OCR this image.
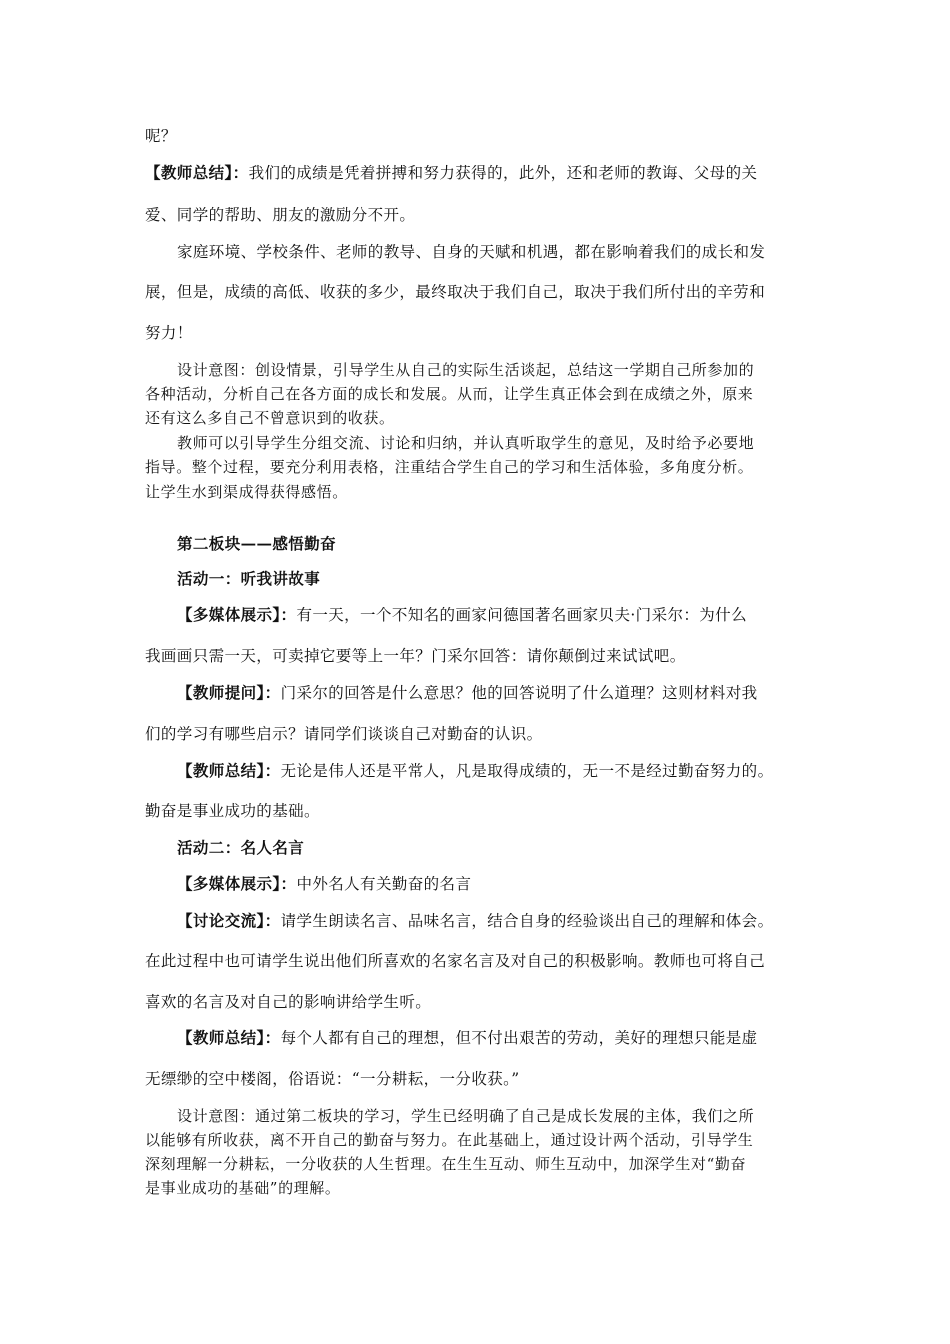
呢？
【教师总结】：我们的成绩是凭着拼搏和努力获得的，此外，还和老师的教诲、父母的关
爱、同学的帮助、朋友的激励分不开。
家庭环境、学校条件、老师的教导、自身的天赋和机遇，都在影响着我们的成长和发
展，但是，成绩的高低、收获的多少，最终取决于我们自己，取决于我们所付出的辛劳和
努力！
设计意图：创设情景，引导学生从自己的实际生活谈起，总结这一学期自己所参加的
各种活动，分析自己在各方面的成长和发展。从而，让学生真正体会到在成绩之外，原来
还有这么多自己不曾意识到的收获。
教师可以引导学生分组交流、讨论和归纳，并认真听取学生的意见，及时给予必要地
指导。整个过程，要充分利用表格，注重结合学生自己的学习和生活体验，多角度分析。
让学生水到渠成得获得感悟。
第二板块——感悟勤奋
活动一：听我讲故事
【多媒体展示】：有一天，一个不知名的画家问德国著名画家贝夫·门采尔：为什么
我画画只需一天，可卖掉它要等上一年？门采尔回答：请你颠倒过来试试吧。
【教师提问】：门采尔的回答是什么意思？他的回答说明了什么道理？这则材料对我
们的学习有哪些启示？请同学们谈谈自己对勤奋的认识。
【教师总结】：无论是伟人还是平常人，凡是取得成绩的，无一不是经过勤奋努力的。
勤奋是事业成功的基础。
活动二：名人名言
【多媒体展示】：中外名人有关勤奋的名言
【讨论交流】：请学生朗读名言、品味名言，结合自身的经验谈出自己的理解和体会。
在此过程中也可请学生说出他们所喜欢的名家名言及对自己的积极影响。教师也可将自己
喜欢的名言及对自己的影响讲给学生听。
【教师总结】：每个人都有自己的理想，但不付出艰苦的劳动，美好的理想只能是虚
无缥缈的空中楼阁，俗语说：“一分耕耘，一分收获。”
设计意图：通过第二板块的学习，学生已经明确了自己是成长发展的主体，我们之所
以能够有所收获，离不开自己的勤奋与努力。在此基础上，通过设计两个活动，引导学生
深刻理解一分耕耘，一分收获的人生哲理。在生生互动、师生互动中，加深学生对“勤奋
是事业成功的基础”的理解。
